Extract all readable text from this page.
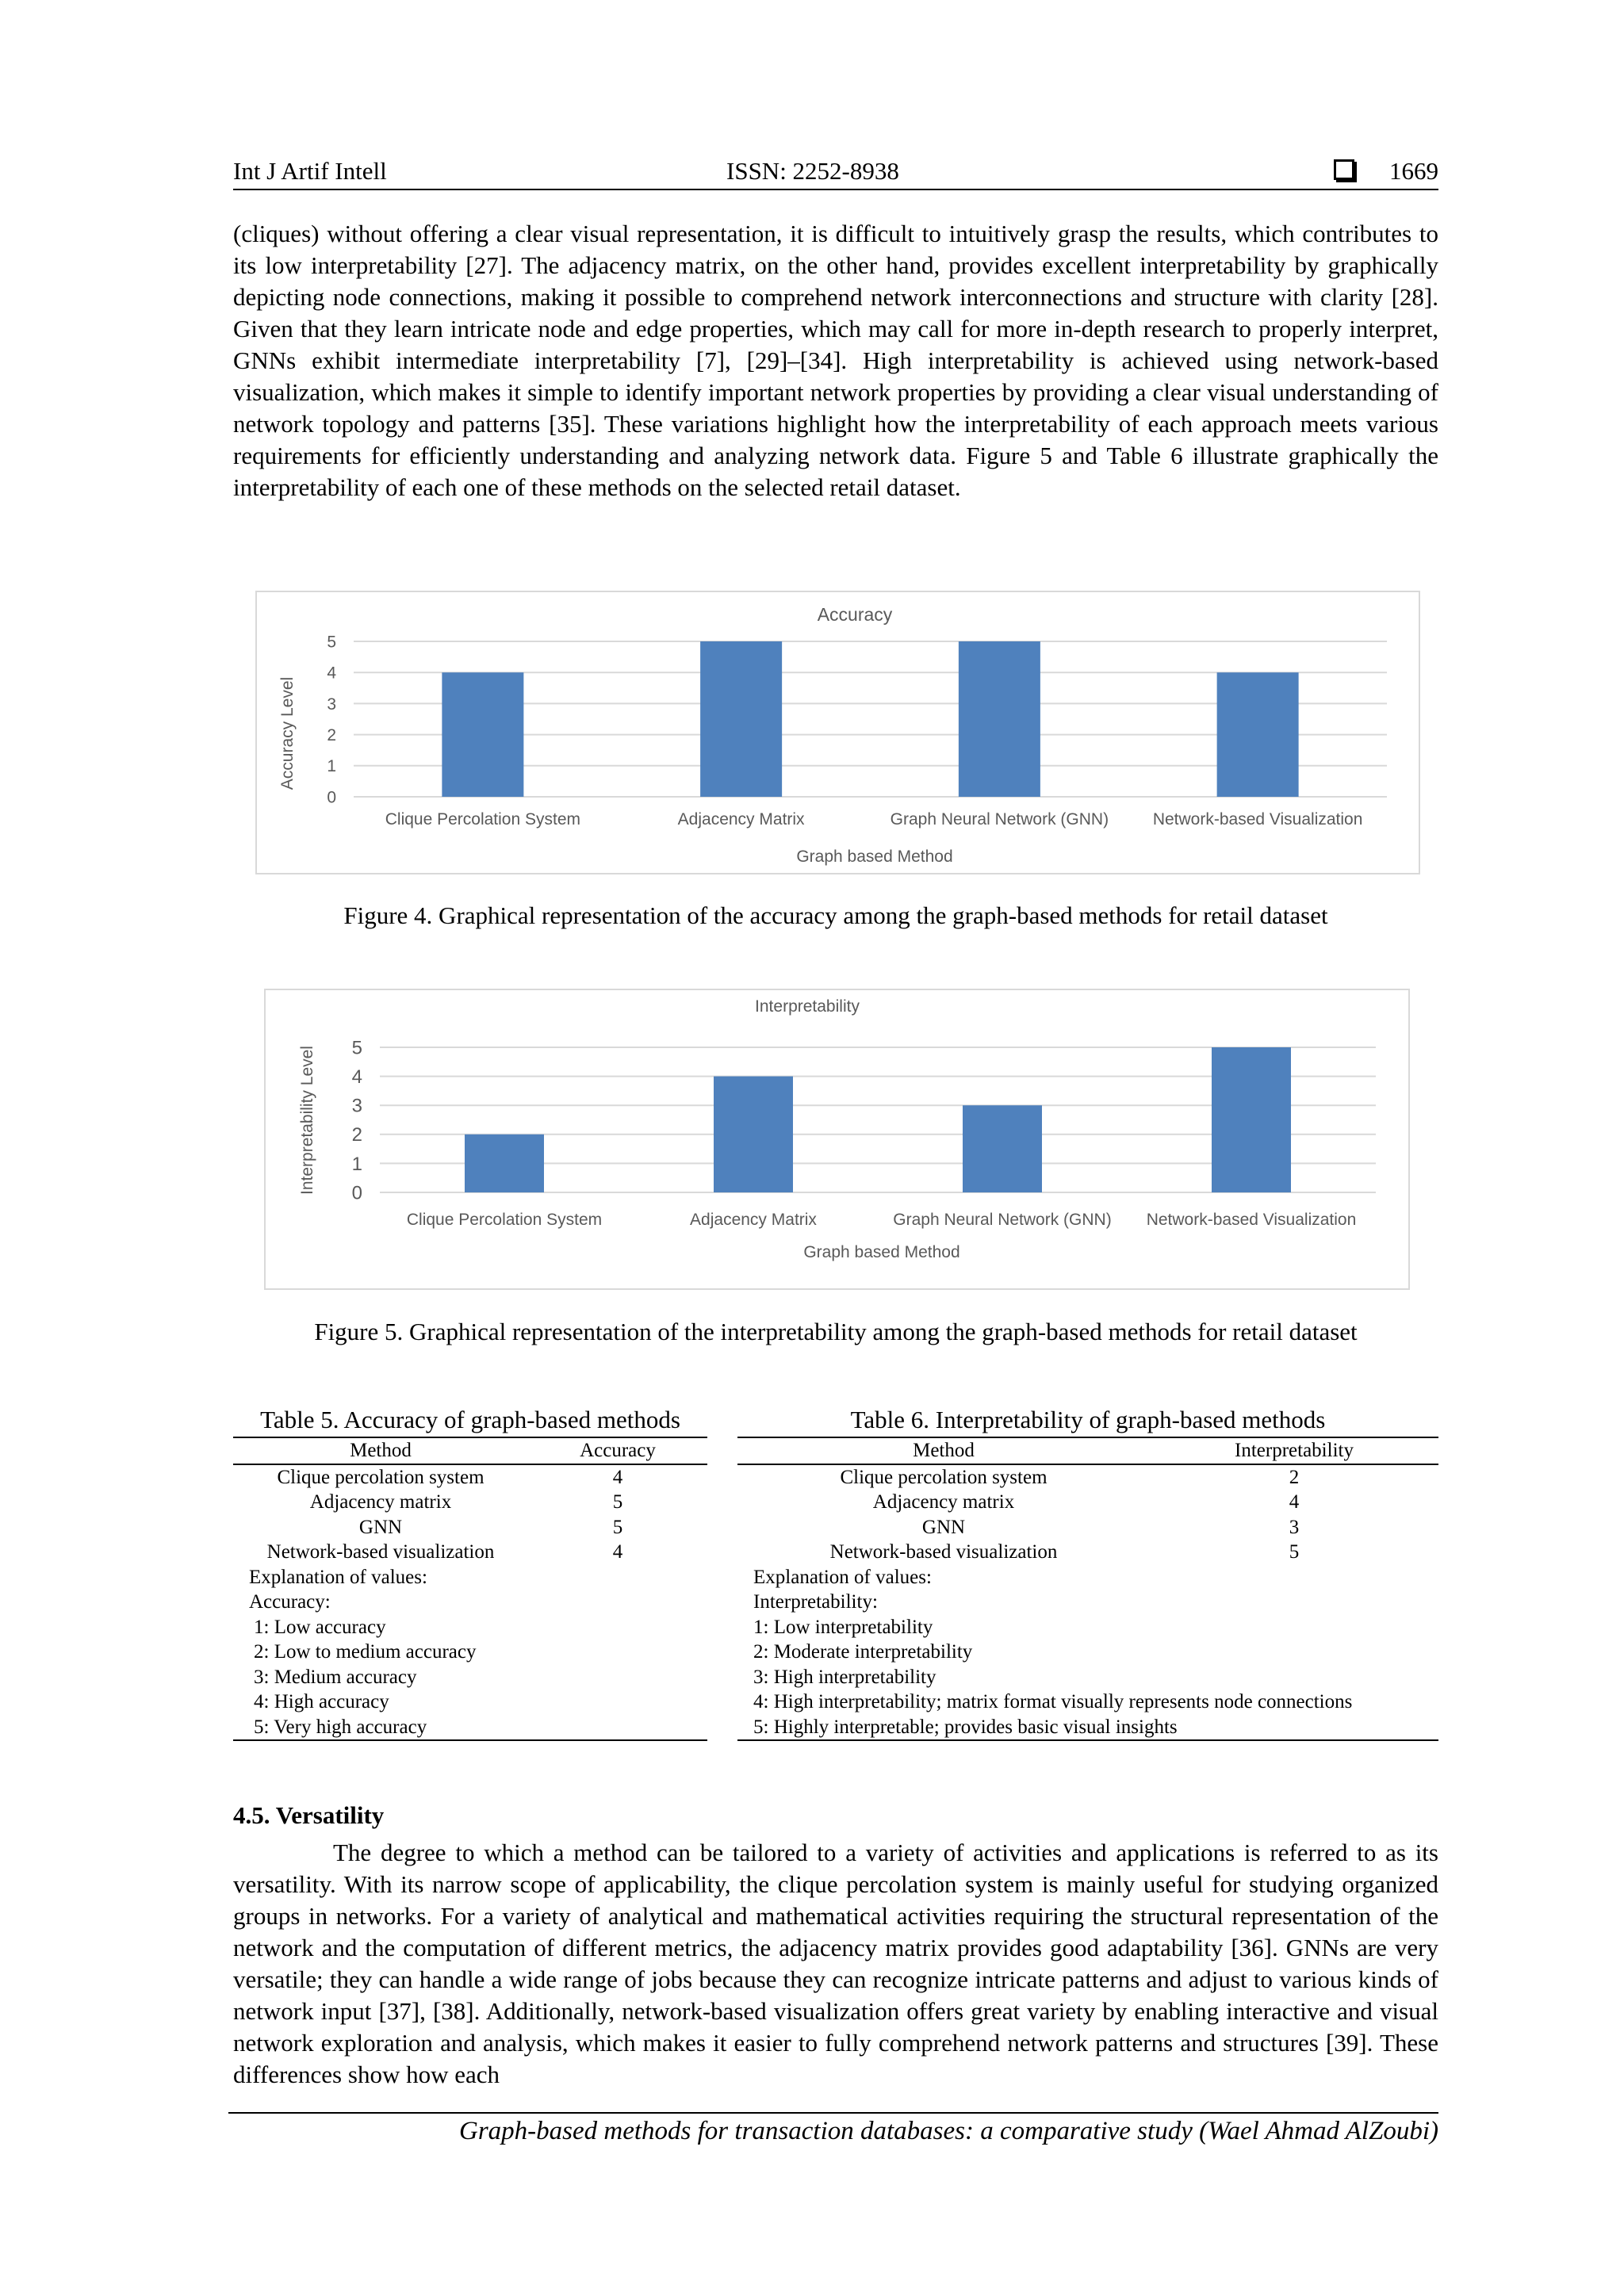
Int J Artif Intell	ISSN: 2252-8938	1669

(cliques) without offering a clear visual representation, it is difficult to intuitively grasp the results, which contributes to its low interpretability [27]. The adjacency matrix, on the other hand, provides excellent interpretability by graphically depicting node connections, making it possible to comprehend network interconnections and structure with clarity [28]. Given that they learn intricate node and edge properties, which may call for more in-depth research to properly interpret, GNNs exhibit intermediate interpretability [7], [29]–[34]. High interpretability is achieved using network-based visualization, which makes it simple to identify important network properties by providing a clear visual understanding of network topology and patterns [35]. These variations highlight how the interpretability of each approach meets various requirements for efficiently understanding and analyzing network data. Figure 5 and Table 6 illustrate graphically the interpretability of each one of these methods on the selected retail dataset.

0
1
2
3
4
5
Clique Percolation System	Adjacency Matrix	Graph Neural Network (GNN)	Network-based Visualization
Accuracy
Graph based Method
Accuracy Level
Figure 4. Graphical representation of the accuracy among the graph-based methods for retail dataset
0
1
2
3
4
5
Clique Percolation System	Adjacency Matrix	Graph Neural Network (GNN) Network-based Visualization
Interpretability
Graph based Method
Interpretability Level
Figure 5. Graphical representation of the interpretability among the graph-based methods for retail dataset
Table 5. Accuracy of graph-based methods
Method	Accuracy
Clique percolation system	4
Adjacency matrix	5
GNN	5
Network-based visualization	4
Explanation of values:	
Accuracy:	
1: Low accuracy	
2: Low to medium accuracy	
3: Medium accuracy	
4: High accuracy	
5: Very high accuracy	
Table 6. Interpretability of graph-based methods
Method	Interpretability
Clique percolation system	2
Adjacency matrix	4
GNN	3
Network-based visualization	5
Explanation of values:	
Interpretability:	
1: Low interpretability	
2: Moderate interpretability	
3: High interpretability	
4: High interpretability; matrix format visually represents node connections	
5: Highly interpretable; provides basic visual insights	
4.5. Versatility

The degree to which a method can be tailored to a variety of activities and applications is referred to as its versatility. With its narrow scope of applicability, the clique percolation system is mainly useful for studying organized groups in networks. For a variety of analytical and mathematical activities requiring the structural representation of the network and the computation of different metrics, the adjacency matrix provides good adaptability [36]. GNNs are very versatile; they can handle a wide range of jobs because they can recognize intricate patterns and adjust to various kinds of network input [37], [38]. Additionally, network-based visualization offers great variety by enabling interactive and visual network exploration and analysis, which makes it easier to fully comprehend network patterns and structures [39]. These differences show how each

Graph-based methods for transaction databases: a comparative study (Wael Ahmad AlZoubi)
